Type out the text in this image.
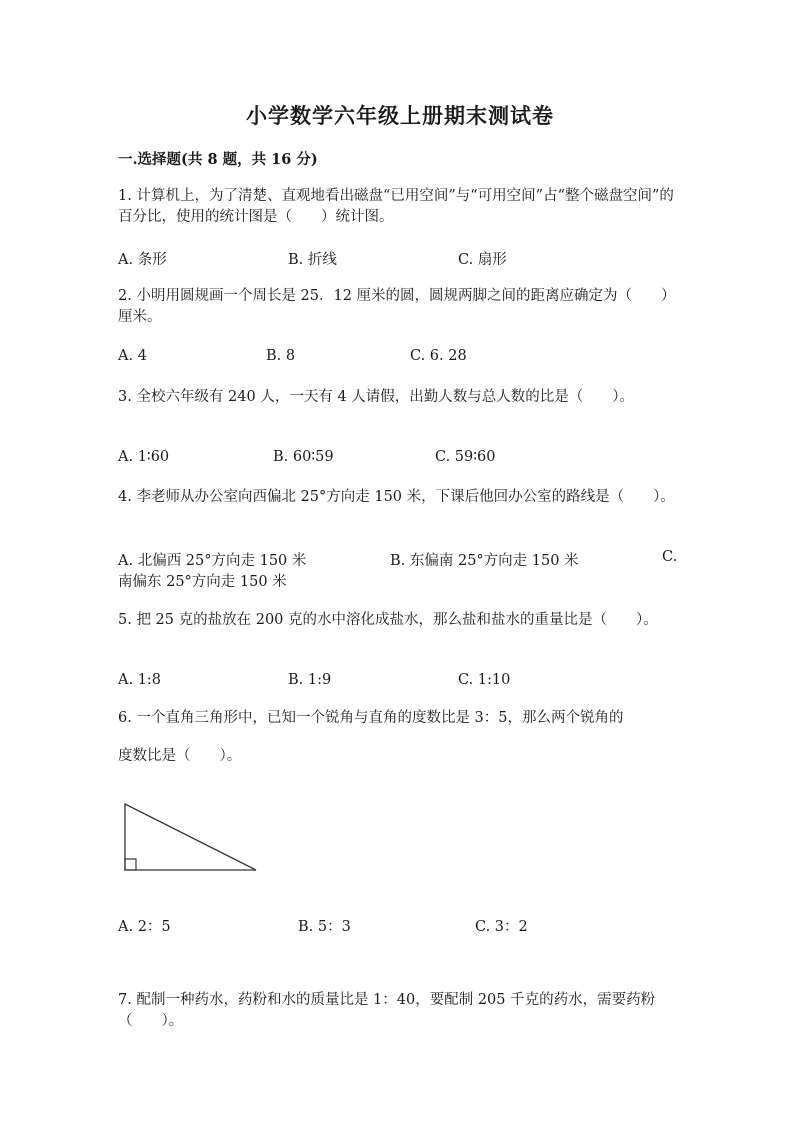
小学数学六年级上册期末测试卷
一.选择题(共 8 题，共 16 分)
1. 计算机上，为了清楚、直观地看出磁盘“已用空间”与“可用空间”占“整个磁盘空间”的百分比，使用的统计图是（　　）统计图。
A. 条形	B. 折线	C. 扇形
2. 小明用圆规画一个周长是 25．12 厘米的圆，圆规两脚之间的距离应确定为（　　）厘米。
A. 4	B. 8	C. 6. 28
3. 全校六年级有 240 人，一天有 4 人请假，出勤人数与总人数的比是（　　）。
A. 1∶60	B. 60∶59	C. 59∶60
4. 李老师从办公室向西偏北 25°方向走 150 米，下课后他回办公室的路线是（　　）。
A. 北偏西 25°方向走 150 米	B. 东偏南 25°方向走 150 米	C.
南偏东 25°方向走 150 米
5. 把 25 克的盐放在 200 克的水中溶化成盐水，那么盐和盐水的重量比是（　　）。
A. 1:8	B. 1:9	C. 1:10
6. 一个直角三角形中，已知一个锐角与直角的度数比是 3：5，那么两个锐角的
度数比是（　　）。
A. 2：5	B. 5：3	C. 3：2
7. 配制一种药水，药粉和水的质量比是 1：40，要配制 205 千克的药水，需要药粉（　　）。
